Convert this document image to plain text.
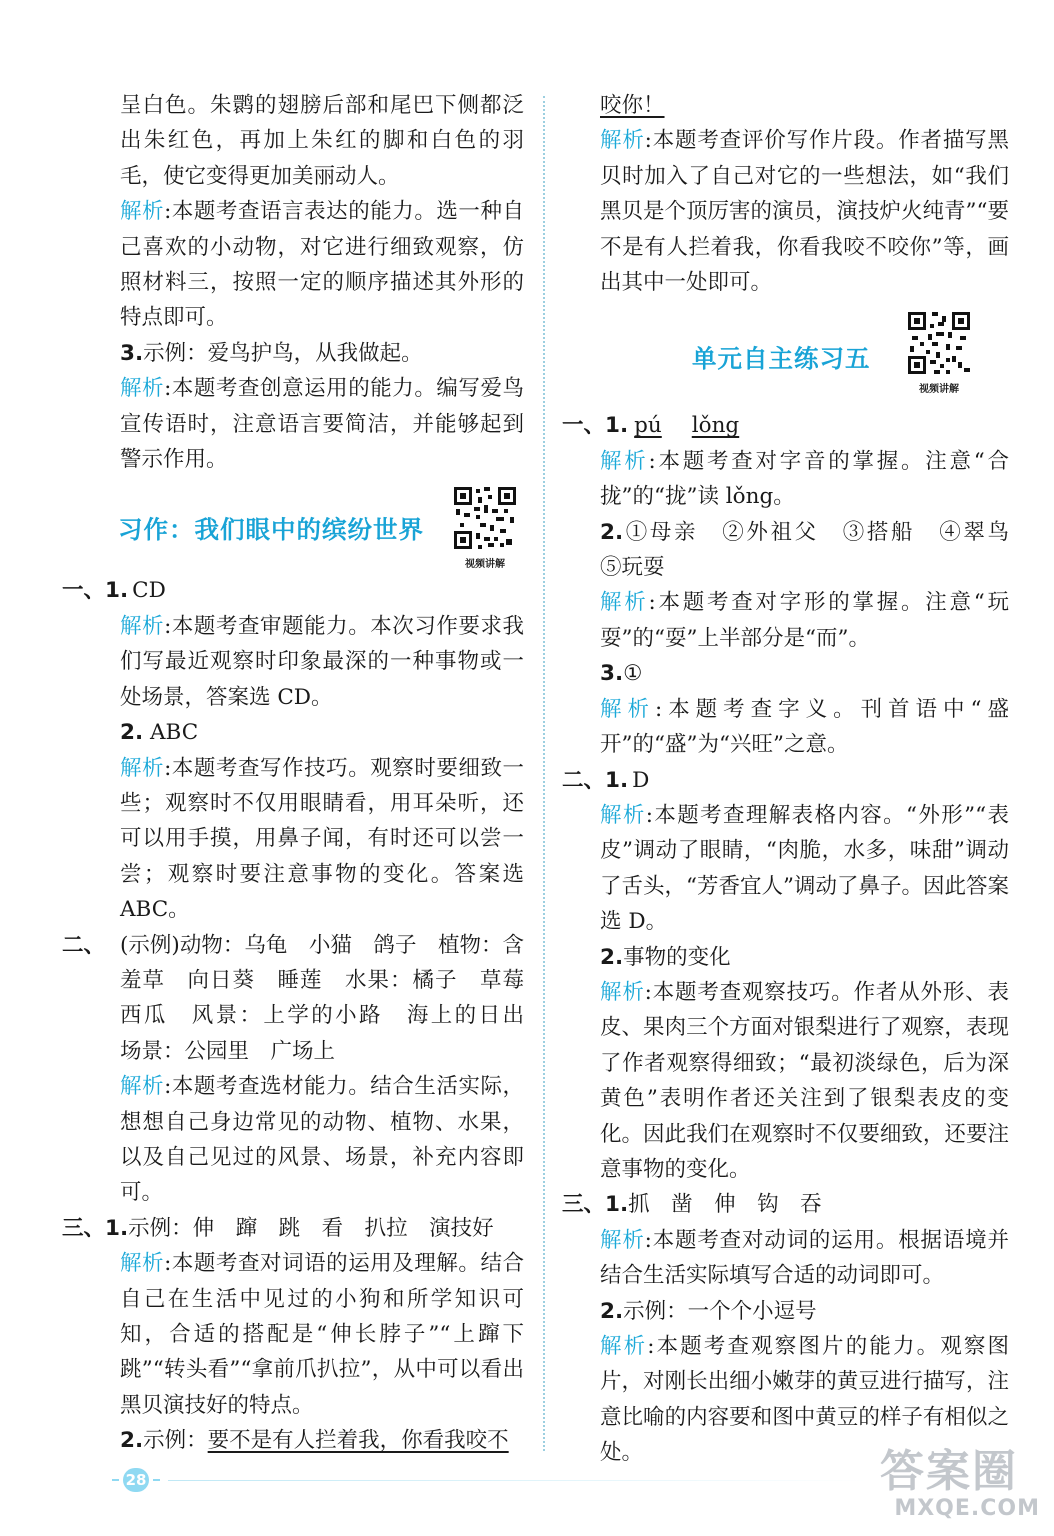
呈白色。朱鹮的翅膀后部和尾巴下侧都泛出朱红色，再加上朱红的脚和白色的羽毛，使它变得更加美丽动人。

解析:本题考查语言表达的能力。选一种自己喜欢的小动物，对它进行细致观察，仿照材料三，按照一定的顺序描述其外形的特点即可。

3.示例：爱鸟护鸟，从我做起。

解析:本题考查创意运用的能力。编写爱鸟宣传语时，注意语言要简洁，并能够起到警示作用。

习作：我们眼中的缤纷世界
视频讲解
一、1. CD

解析:本题考查审题能力。本次习作要求我们写最近观察时印象最深的一种事物或一处场景，答案选 CD。

2. ABC

解析:本题考查写作技巧。观察时要细致一些；观察时不仅用眼睛看，用耳朵听，还可以用手摸，用鼻子闻，有时还可以尝一尝；观察时要注意事物的变化。答案选 ABC。

二、 (示例)动物：乌龟　小猫　鸽子　植物：含羞草　向日葵　睡莲　水果：橘子　草莓　西瓜　风景：上学的小路　海上的日出　场景：公园里　广场上

解析:本题考查选材能力。结合生活实际，想想自己身边常见的动物、植物、水果，以及自己见过的风景、场景，补充内容即可。

三、1. 示例：伸　蹿　跳　看　扒拉　演技好

解析:本题考查对词语的运用及理解。结合自己在生活中见过的小狗和所学知识可知，合适的搭配是“伸长脖子”“上蹿下跳”“转头看”“拿前爪扒拉”，从中可以看出黑贝演技好的特点。

2.示例：要不是有人拦着我，你看我咬不

咬你！

解析:本题考查评价写作片段。作者描写黑贝时加入了自己对它的一些想法，如“我们黑贝是个顶厉害的演员，演技炉火纯青”“要不是有人拦着我，你看我咬不咬你”等，画出其中一处即可。

单元自主练习五
视频讲解
一、1. pú lǒng

解析:本题考查对字音的掌握。注意“合拢”的“拢”读 lǒng。

2.①母亲　②外祖父　③搭船　④翠鸟　⑤玩耍

解析:本题考查对字形的掌握。注意“玩耍”的“耍”上半部分是“而”。

3.①

解析:本题考查字义。刊首语中“盛开”的“盛”为“兴旺”之意。

二、1. D

解析:本题考查理解表格内容。“外形”“表皮”调动了眼睛，“肉脆，水多，味甜”调动了舌头，“芳香宜人”调动了鼻子。因此答案选 D。

2.事物的变化

解析:本题考查观察技巧。作者从外形、表皮、果肉三个方面对银梨进行了观察，表现了作者观察得细致；“最初淡绿色，后为深黄色”表明作者还关注到了银梨表皮的变化。因此我们在观察时不仅要细致，还要注意事物的变化。

三、1. 抓　凿　伸　钩　吞

解析:本题考查对动词的运用。根据语境并结合生活实际填写合适的动词即可。

2.示例：一个个小逗号

解析:本题考查观察图片的能力。观察图片，对刚长出细小嫩芽的黄豆进行描写，注意比喻的内容要和图中黄豆的样子有相似之处。

28	答案圈
MXQE.COM
